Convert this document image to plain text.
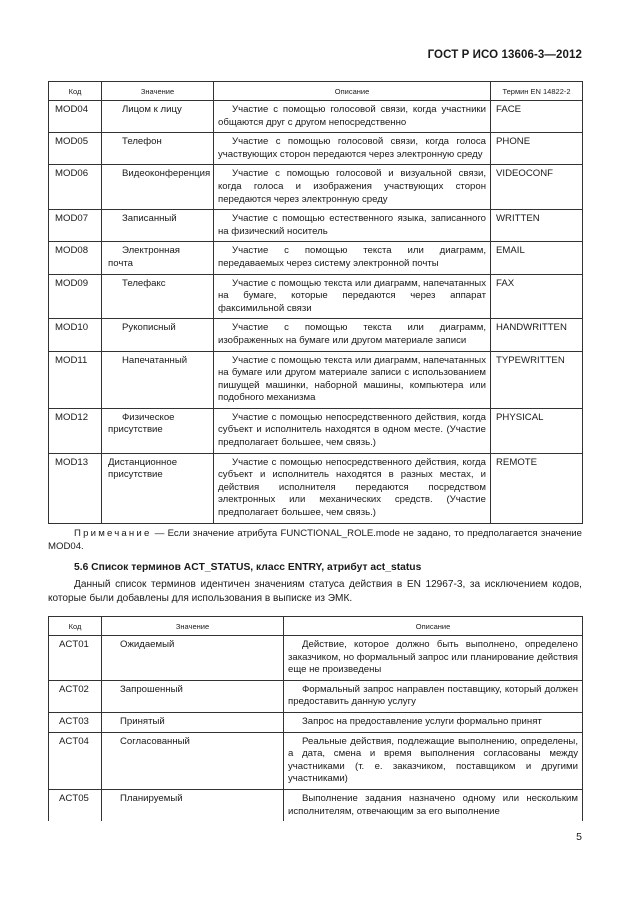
ГОСТ Р ИСО 13606-3—2012
Код	Значение	Описание	Термин EN 14822-2
MOD04	Лицом к лицу	Участие с помощью голосовой связи, когда участники общаются друг с другом непосредственно	FACE
MOD05	Телефон	Участие с помощью голосовой связи, когда голоса участвующих сторон передаются через электронную среду	PHONE
MOD06	Видеоконференция	Участие с помощью голосовой и визуальной связи, когда голоса и изображения участвующих сторон передаются через электронную среду	VIDEOCONF
MOD07	Записанный	Участие с помощью естественного языка, записанного на физический носитель	WRITTEN
MOD08	Электронная почта	Участие с помощью текста или диаграмм, передаваемых через систему электронной почты	EMAIL
MOD09	Телефакс	Участие с помощью текста или диаграмм, напечатанных на бумаге, которые передаются через аппарат факсимильной связи	FAX
MOD10	Рукописный	Участие с помощью текста или диаграмм, изображенных на бумаге или другом материале записи	HANDWRITTEN
MOD11	Напечатанный	Участие с помощью текста или диаграмм, напечатанных на бумаге или другом материале записи с использованием пишущей машинки, наборной машины, компьютера или подобного механизма	TYPEWRITTEN
MOD12	Физическое присутствие	Участие с помощью непосредственного действия, когда субъект и исполнитель находятся в одном месте. (Участие предполагает большее, чем связь.)	PHYSICAL
MOD13	Дистанционное присутствие	Участие с помощью непосредственного действия, когда субъект и исполнитель находятся в разных местах, и действия исполнителя передаются посредством электронных или механических средств. (Участие предполагает большее, чем связь.)	REMOTE
Примечание — Если значение атрибута FUNCTIONAL_ROLE.mode не задано, то предполагается значение MOD04.
5.6 Список терминов ACT_STATUS, класс ENTRY, атрибут act_status
Данный список терминов идентичен значениям статуса действия в EN 12967-3, за исключением кодов, которые были добавлены для использования в выписке из ЭМК.
Код	Значение	Описание
ACT01	Ожидаемый	Действие, которое должно быть выполнено, определено заказчиком, но формальный запрос или планирование действия еще не произведены
ACT02	Запрошенный	Формальный запрос направлен поставщику, который должен предоставить данную услугу
ACT03	Принятый	Запрос на предоставление услуги формально принят
ACT04	Согласованный	Реальные действия, подлежащие выполнению, определены, а дата, смена и время выполнения согласованы между участниками (т. е. заказчиком, поставщиком и другими участниками)
ACT05	Планируемый	Выполнение задания назначено одному или нескольким исполнителям, отвечающим за его выполнение
5
